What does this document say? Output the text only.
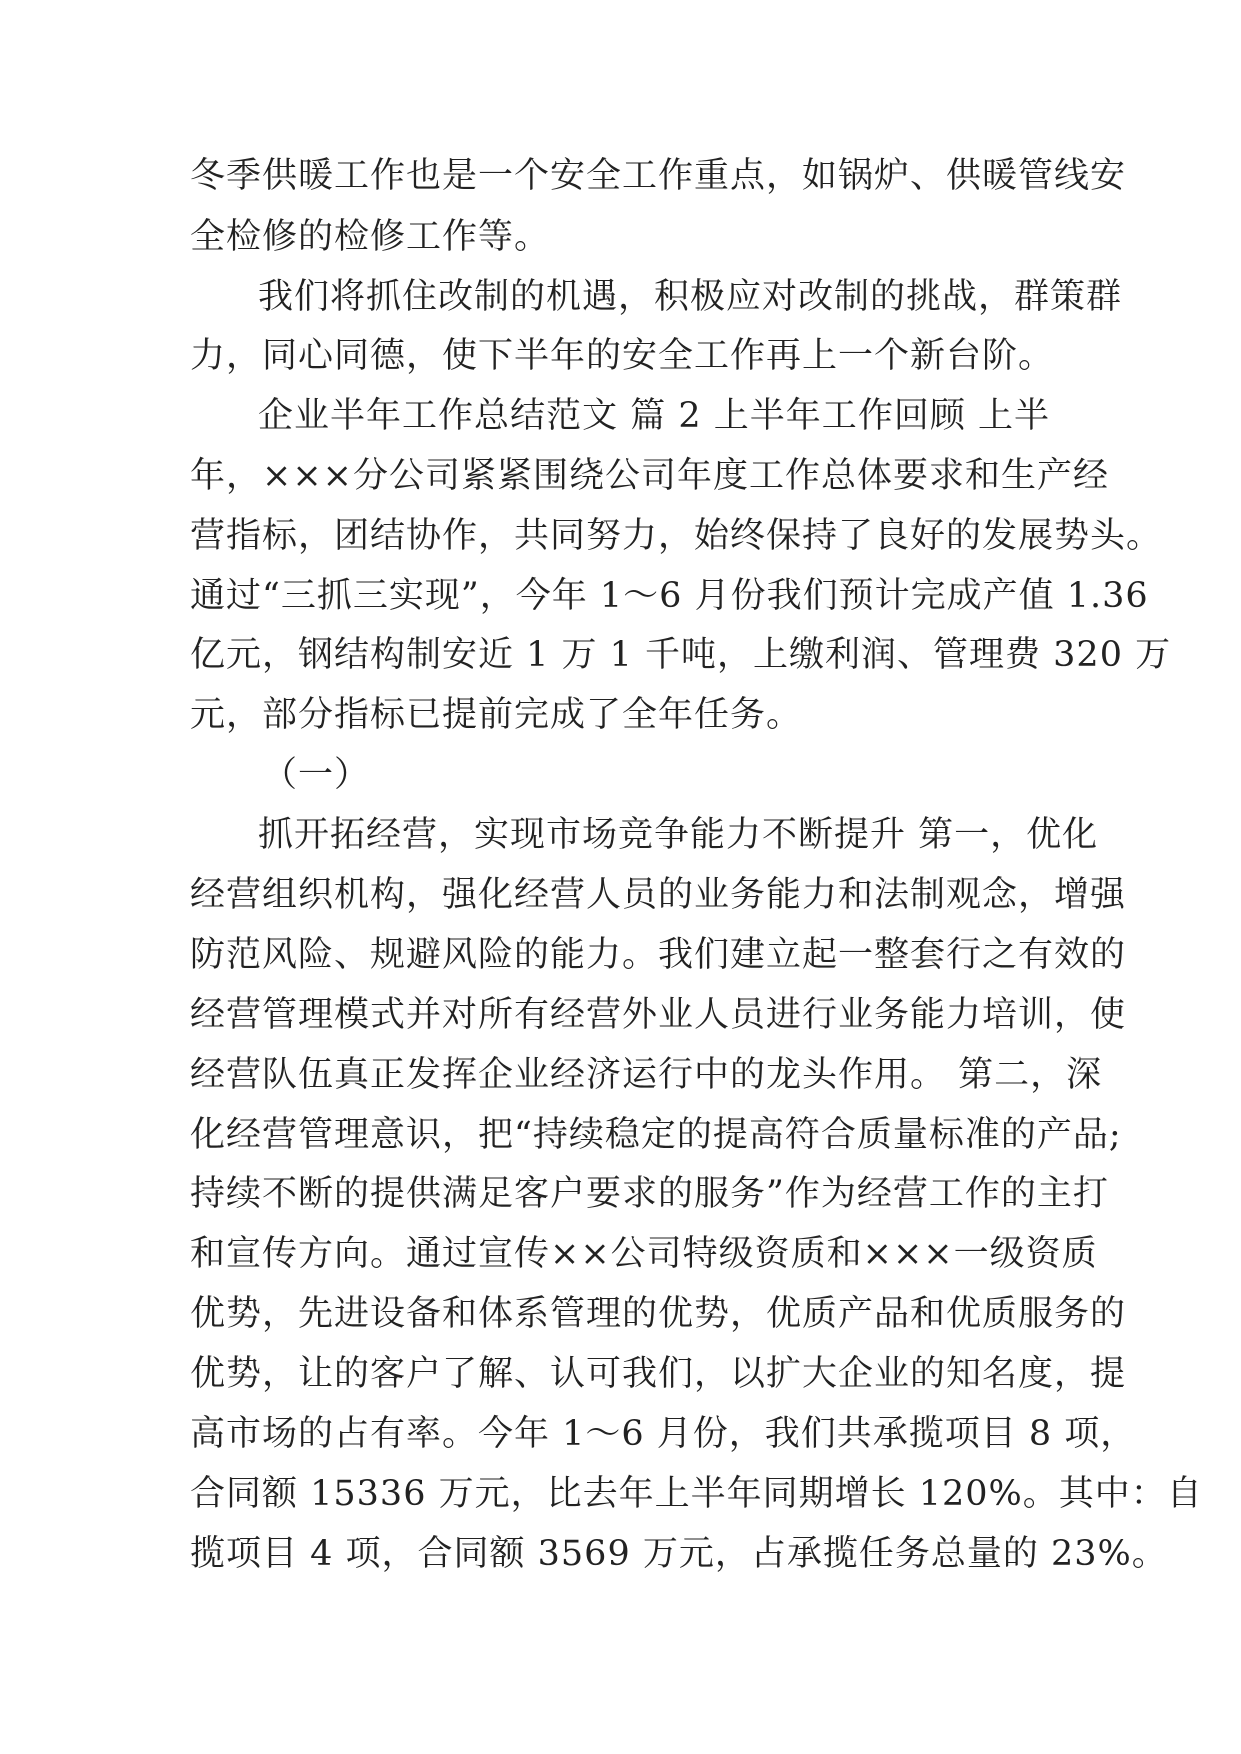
冬季供暖工作也是一个安全工作重点，如锅炉、供暖管线安
全检修的检修工作等。
我们将抓住改制的机遇，积极应对改制的挑战，群策群
力，同心同德，使下半年的安全工作再上一个新台阶。
企业半年工作总结范文 篇 2 上半年工作回顾 上半
年，×××分公司紧紧围绕公司年度工作总体要求和生产经
营指标，团结协作，共同努力，始终保持了良好的发展势头。
通过“三抓三实现”，今年 1～6 月份我们预计完成产值 1.36
亿元，钢结构制安近 1 万 1 千吨，上缴利润、管理费 320 万
元，部分指标已提前完成了全年任务。
（一）
抓开拓经营，实现市场竞争能力不断提升 第一，优化
经营组织机构，强化经营人员的业务能力和法制观念，增强
防范风险、规避风险的能力。我们建立起一整套行之有效的
经营管理模式并对所有经营外业人员进行业务能力培训，使
经营队伍真正发挥企业经济运行中的龙头作用。 第二，深
化经营管理意识，把“持续稳定的提高符合质量标准的产品;
持续不断的提供满足客户要求的服务”作为经营工作的主打
和宣传方向。通过宣传××公司特级资质和×××一级资质
优势，先进设备和体系管理的优势，优质产品和优质服务的
优势，让的客户了解、认可我们，以扩大企业的知名度，提
高市场的占有率。今年 1～6 月份，我们共承揽项目 8 项，
合同额 15336 万元，比去年上半年同期增长 120%。其中：自
揽项目 4 项，合同额 3569 万元，占承揽任务总量的 23%。
